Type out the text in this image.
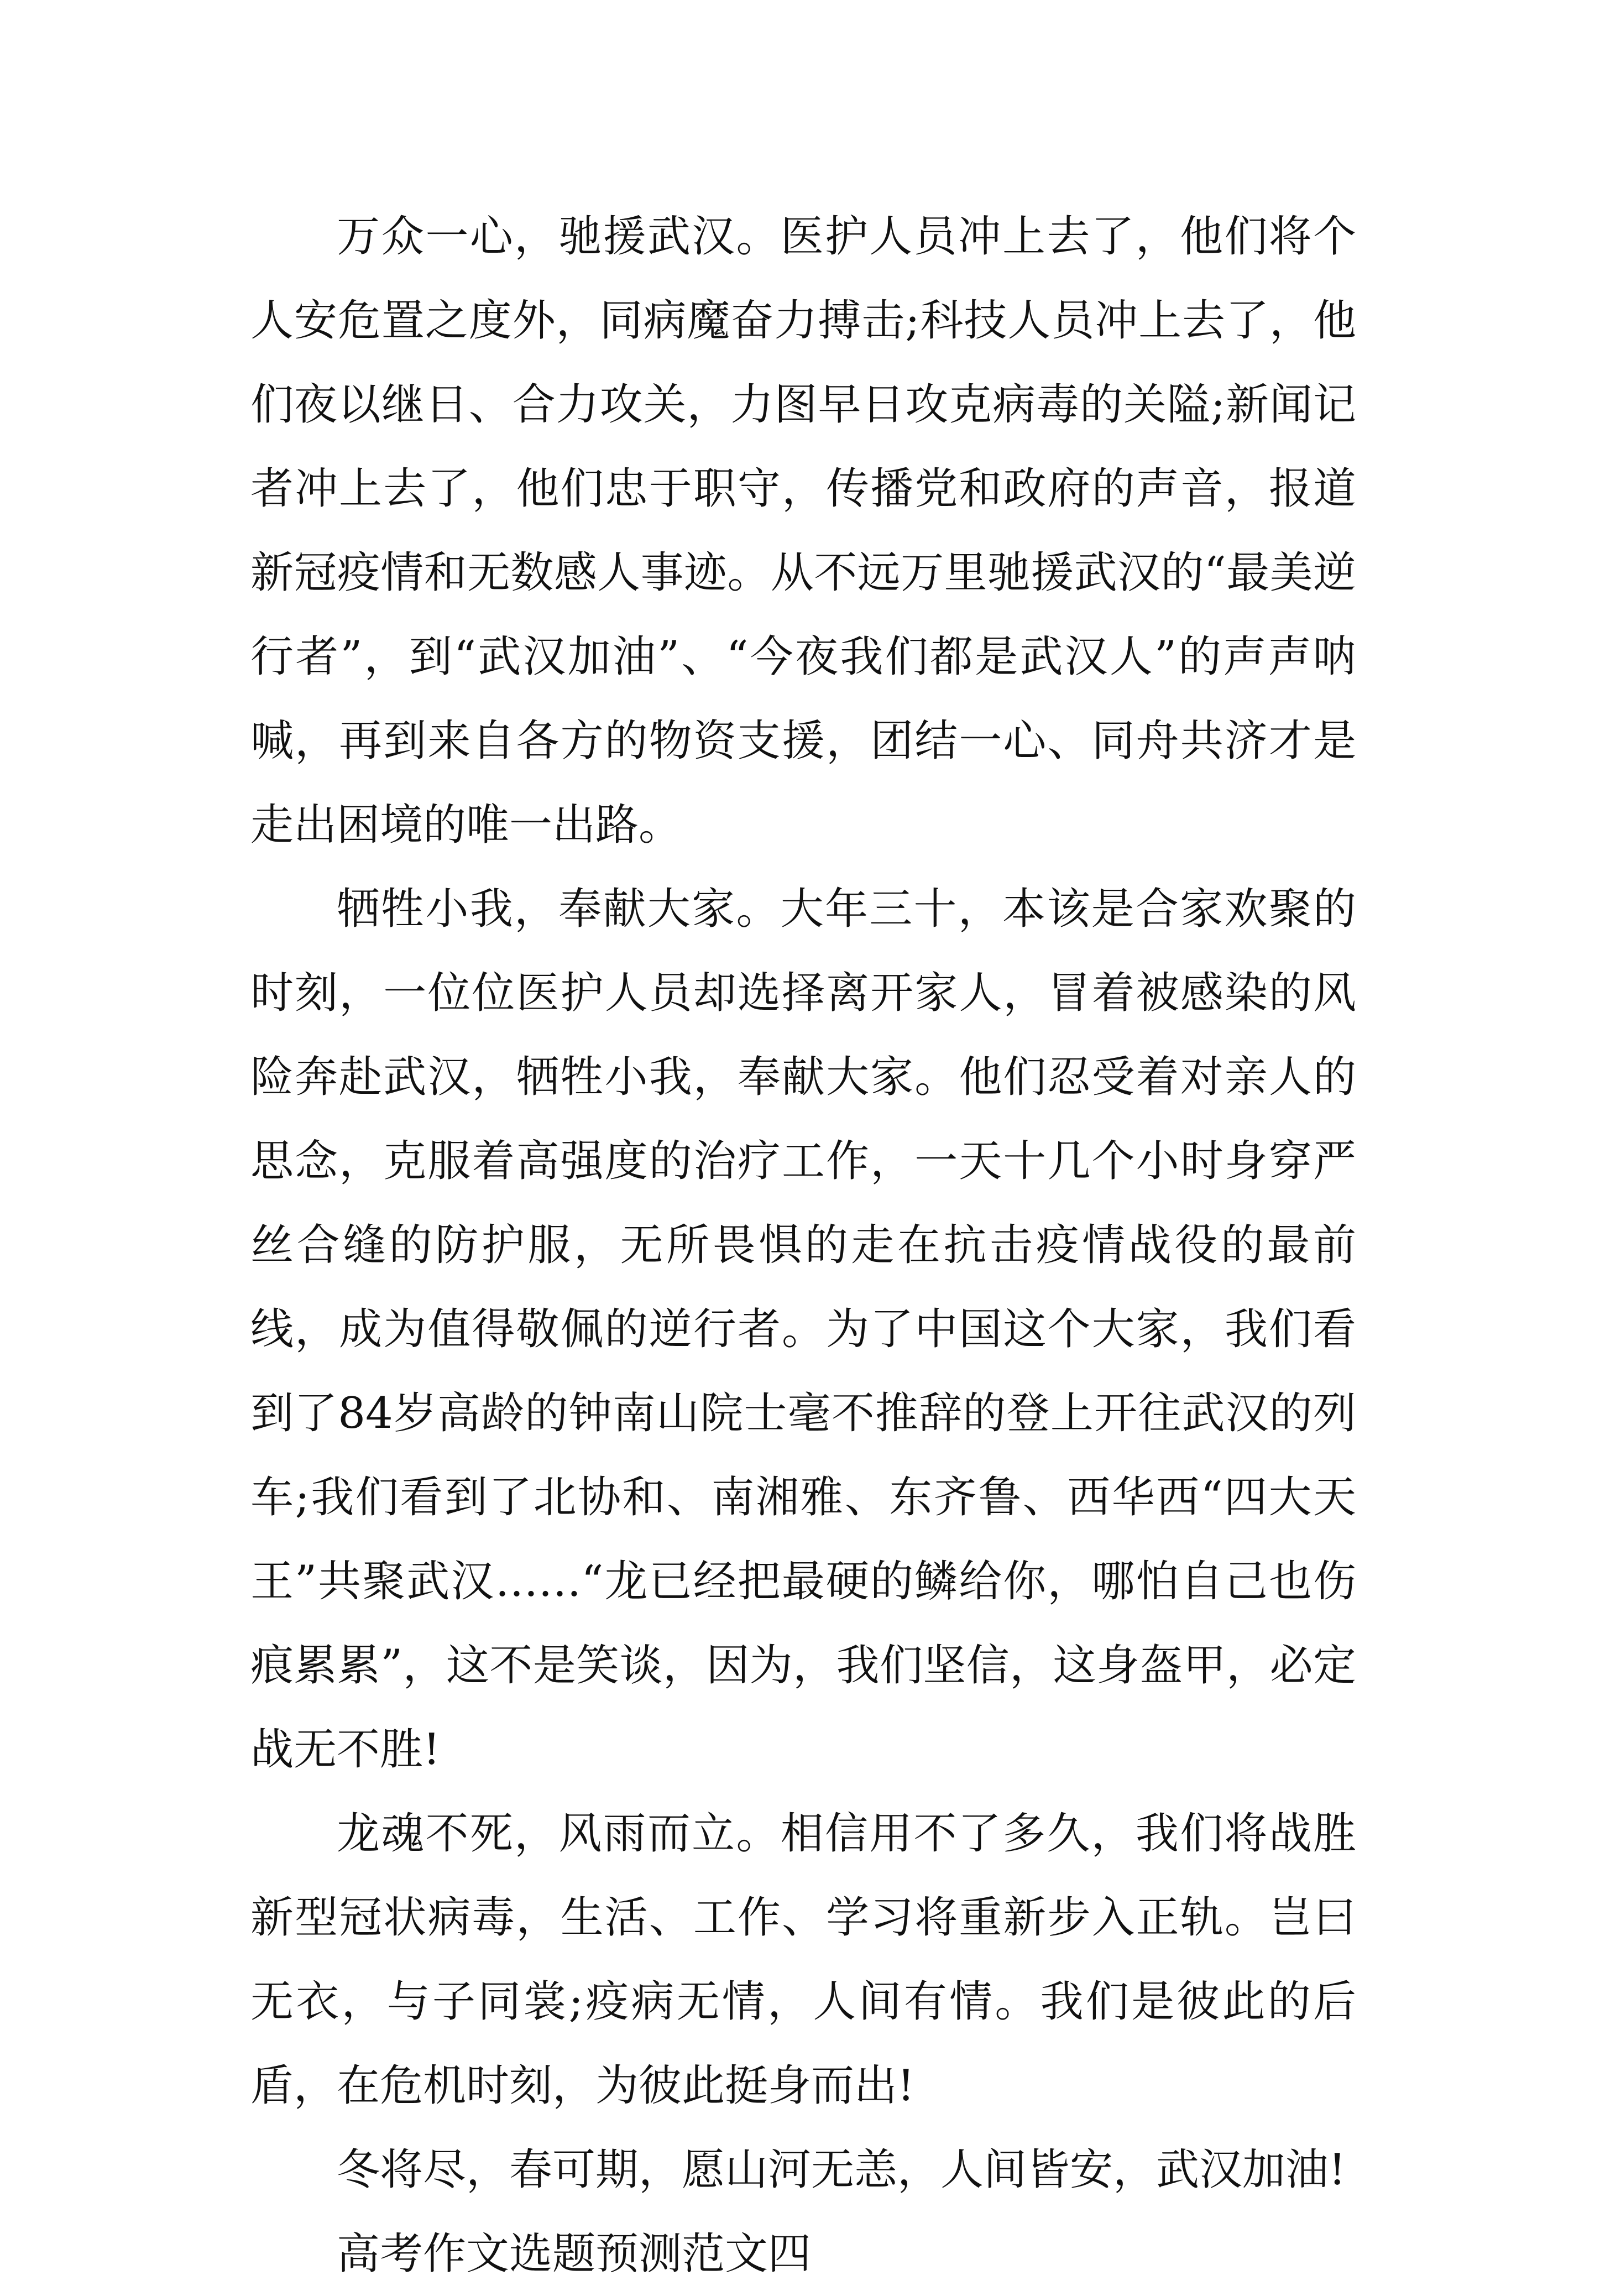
万众一心，驰援武汉。医护人员冲上去了，他们将个人安危置之度外，同病魔奋力搏击;科技人员冲上去了，他们夜以继日、合力攻关，力图早日攻克病毒的关隘;新闻记者冲上去了，他们忠于职守，传播党和政府的声音，报道新冠疫情和无数感人事迹。从不远万里驰援武汉的“最美逆行者”，到“武汉加油”、“今夜我们都是武汉人”的声声呐喊，再到来自各方的物资支援，团结一心、同舟共济才是走出困境的唯一出路。

牺牲小我，奉献大家。大年三十，本该是合家欢聚的时刻，一位位医护人员却选择离开家人，冒着被感染的风险奔赴武汉，牺牲小我，奉献大家。他们忍受着对亲人的思念，克服着高强度的治疗工作，一天十几个小时身穿严丝合缝的防护服，无所畏惧的走在抗击疫情战役的最前线，成为值得敬佩的逆行者。为了中国这个大家，我们看到了84岁高龄的钟南山院士毫不推辞的登上开往武汉的列车;我们看到了北协和、南湘雅、东齐鲁、西华西“四大天王”共聚武汉……“龙已经把最硬的鳞给你，哪怕自己也伤痕累累”，这不是笑谈，因为，我们坚信，这身盔甲，必定战无不胜!

龙魂不死，风雨而立。相信用不了多久，我们将战胜新型冠状病毒，生活、工作、学习将重新步入正轨。岂曰无衣，与子同裳;疫病无情，人间有情。我们是彼此的后盾，在危机时刻，为彼此挺身而出!

冬将尽，春可期，愿山河无恙，人间皆安，武汉加油!

高考作文选题预测范文四
